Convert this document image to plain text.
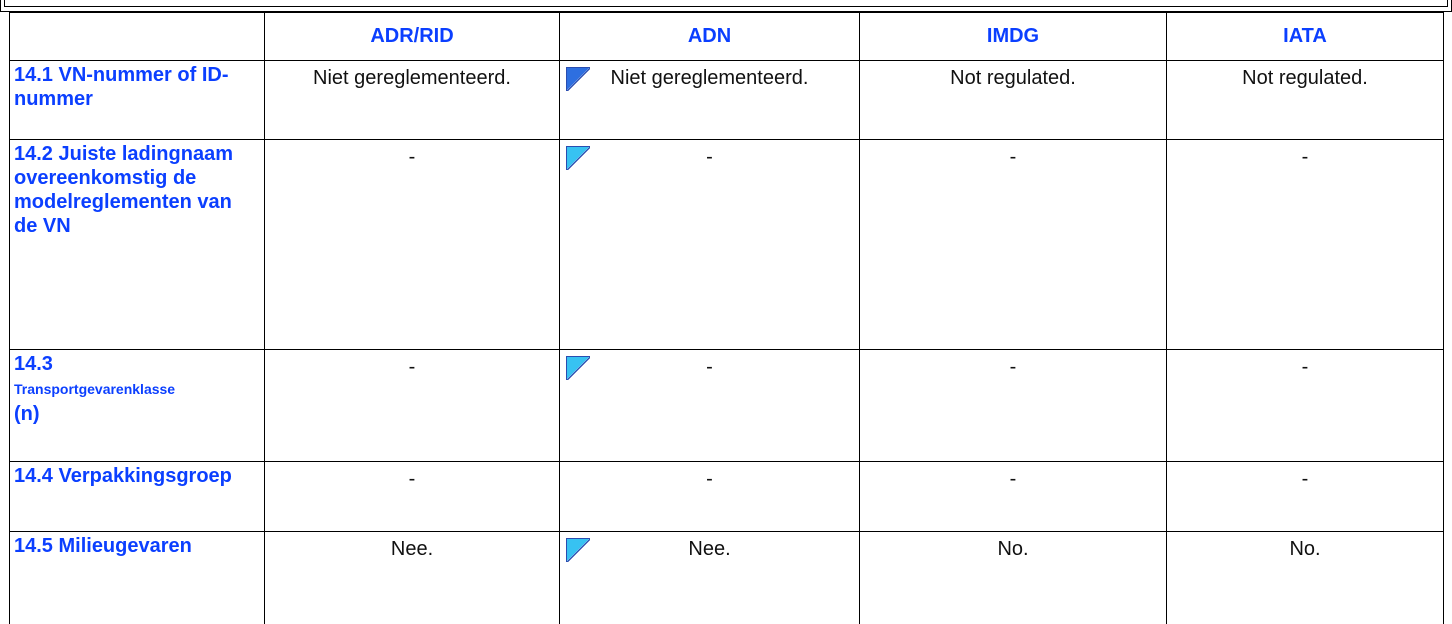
	ADR/RID	ADN	IMDG	IATA

14.1 VN-nummer of ID-nummer	Niet gereglementeerd.	Niet gereglementeerd.	Not regulated.	Not regulated.

14.2 Juiste ladingnaam overeenkomstig de modelreglementen van de VN	-	-	-	-

14.3
Transportgevarenklasse
(n)	-	-	-	-

14.4 Verpakkingsgroep	-	-	-	-

14.5 Milieugevaren	Nee.	Nee.	No.	No.
